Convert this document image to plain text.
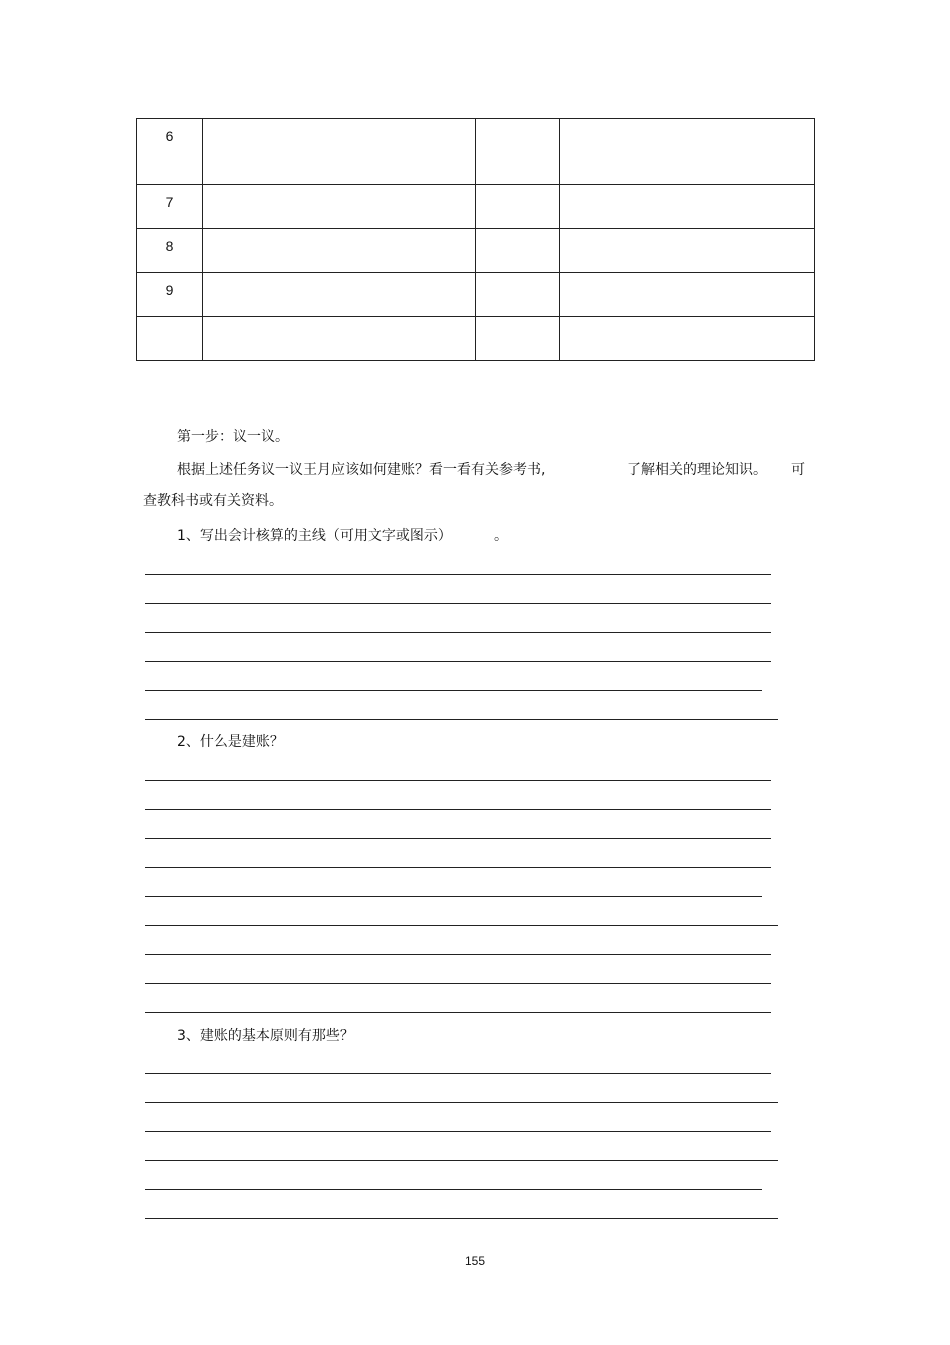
6			
7			
8			
9			

第一步：议一议。
根据上述任务议一议王月应该如何建账？看一看有关参考书,	了解相关的理论知识。 可
查教科书或有关资料。
1、写出会计核算的主线（可用文字或图示）	。
2、什么是建账？
3、建账的基本原则有那些？
155
